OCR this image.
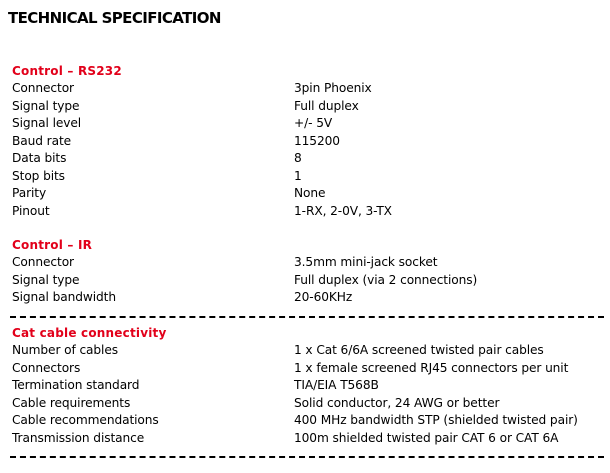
TECHNICAL SPECIFICATION
Control – RS232
Connector	3pin Phoenix
Signal type	Full duplex
Signal level	+/- 5V
Baud rate	115200
Data bits	8
Stop bits	1
Parity	None
Pinout	1-RX, 2-0V, 3-TX
Control – IR
Connector	3.5mm mini-jack socket
Signal type	Full duplex (via 2 connections)
Signal bandwidth	20-60KHz
Cat cable connectivity
Number of cables	1 x Cat 6/6A screened twisted pair cables
Connectors	1 x female screened RJ45 connectors per unit
Termination standard	TIA/EIA T568B
Cable requirements	Solid conductor, 24 AWG or better
Cable recommendations	400 MHz bandwidth STP (shielded twisted pair)
Transmission distance	100m shielded twisted pair CAT 6 or CAT 6A
